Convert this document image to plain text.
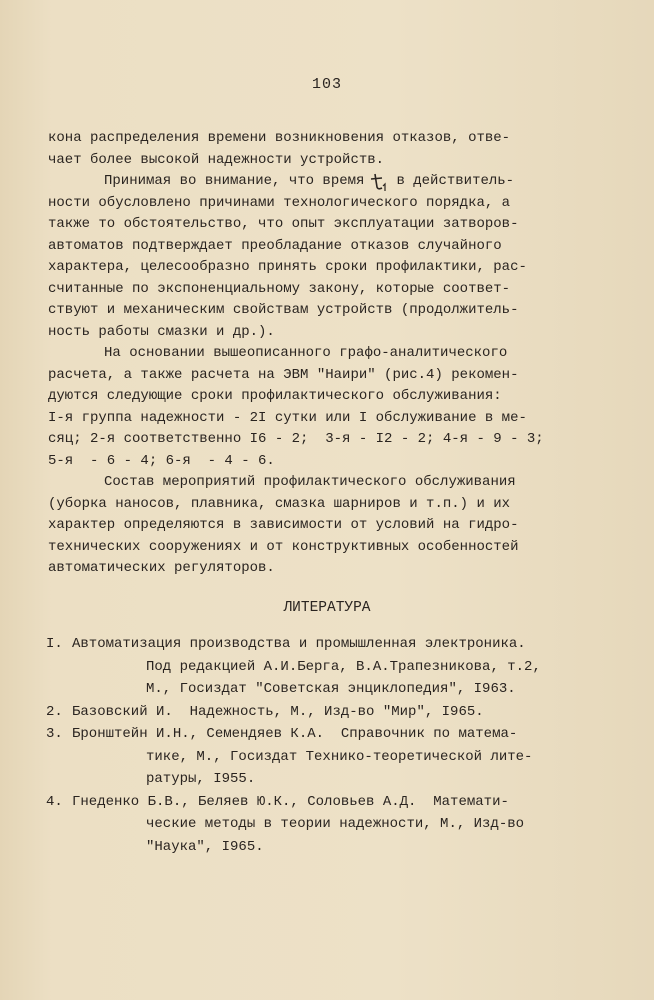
103
кона распределения времени возникновения отказов, отве-
чает более высокой надежности устройств.
Принимая во внимание, что время в действитель-
ности обусловлено причинами технологического порядка, а
также то обстоятельство, что опыт эксплуатации затворов-
автоматов подтверждает преобладание отказов случайного
характера, целесообразно принять сроки профилактики, рас-
считанные по экспоненциальному закону, которые соответ-
ствуют и механическим свойствам устройств (продолжитель-
ность работы смазки и др.).
На основании вышеописанного графо-аналитического
расчета, а также расчета на ЭВМ "Наири" (рис.4) рекомен-
дуются следующие сроки профилактического обслуживания:
I-я группа надежности - 2I сутки или I обслуживание в ме-
сяц; 2-я соответственно I6 - 2;  3-я - I2 - 2; 4-я - 9 - 3;
5-я  - 6 - 4; 6-я  - 4 - 6.
Состав мероприятий профилактического обслуживания
(уборка наносов, плавника, смазка шарниров и т.п.) и их
характер определяются в зависимости от условий на гидро-
технических сооружениях и от конструктивных особенностей
автоматических регуляторов.
ЛИТЕРАТУРА
I. Автоматизация производства и промышленная электроника.
Под редакцией А.И.Берга, В.А.Трапезникова, т.2,
М., Госиздат "Советская энциклопедия", I963.
2. Базовский И.  Надежность, М., Изд-во "Мир", I965.
3. Бронштейн И.Н., Семендяев К.А.  Справочник по матема-
тике, М., Госиздат Технико-теоретической лите-
ратуры, I955.
4. Гнеденко Б.В., Беляев Ю.К., Соловьев А.Д.  Математи-
ческие методы в теории надежности, М., Изд-во
"Наука", I965.
